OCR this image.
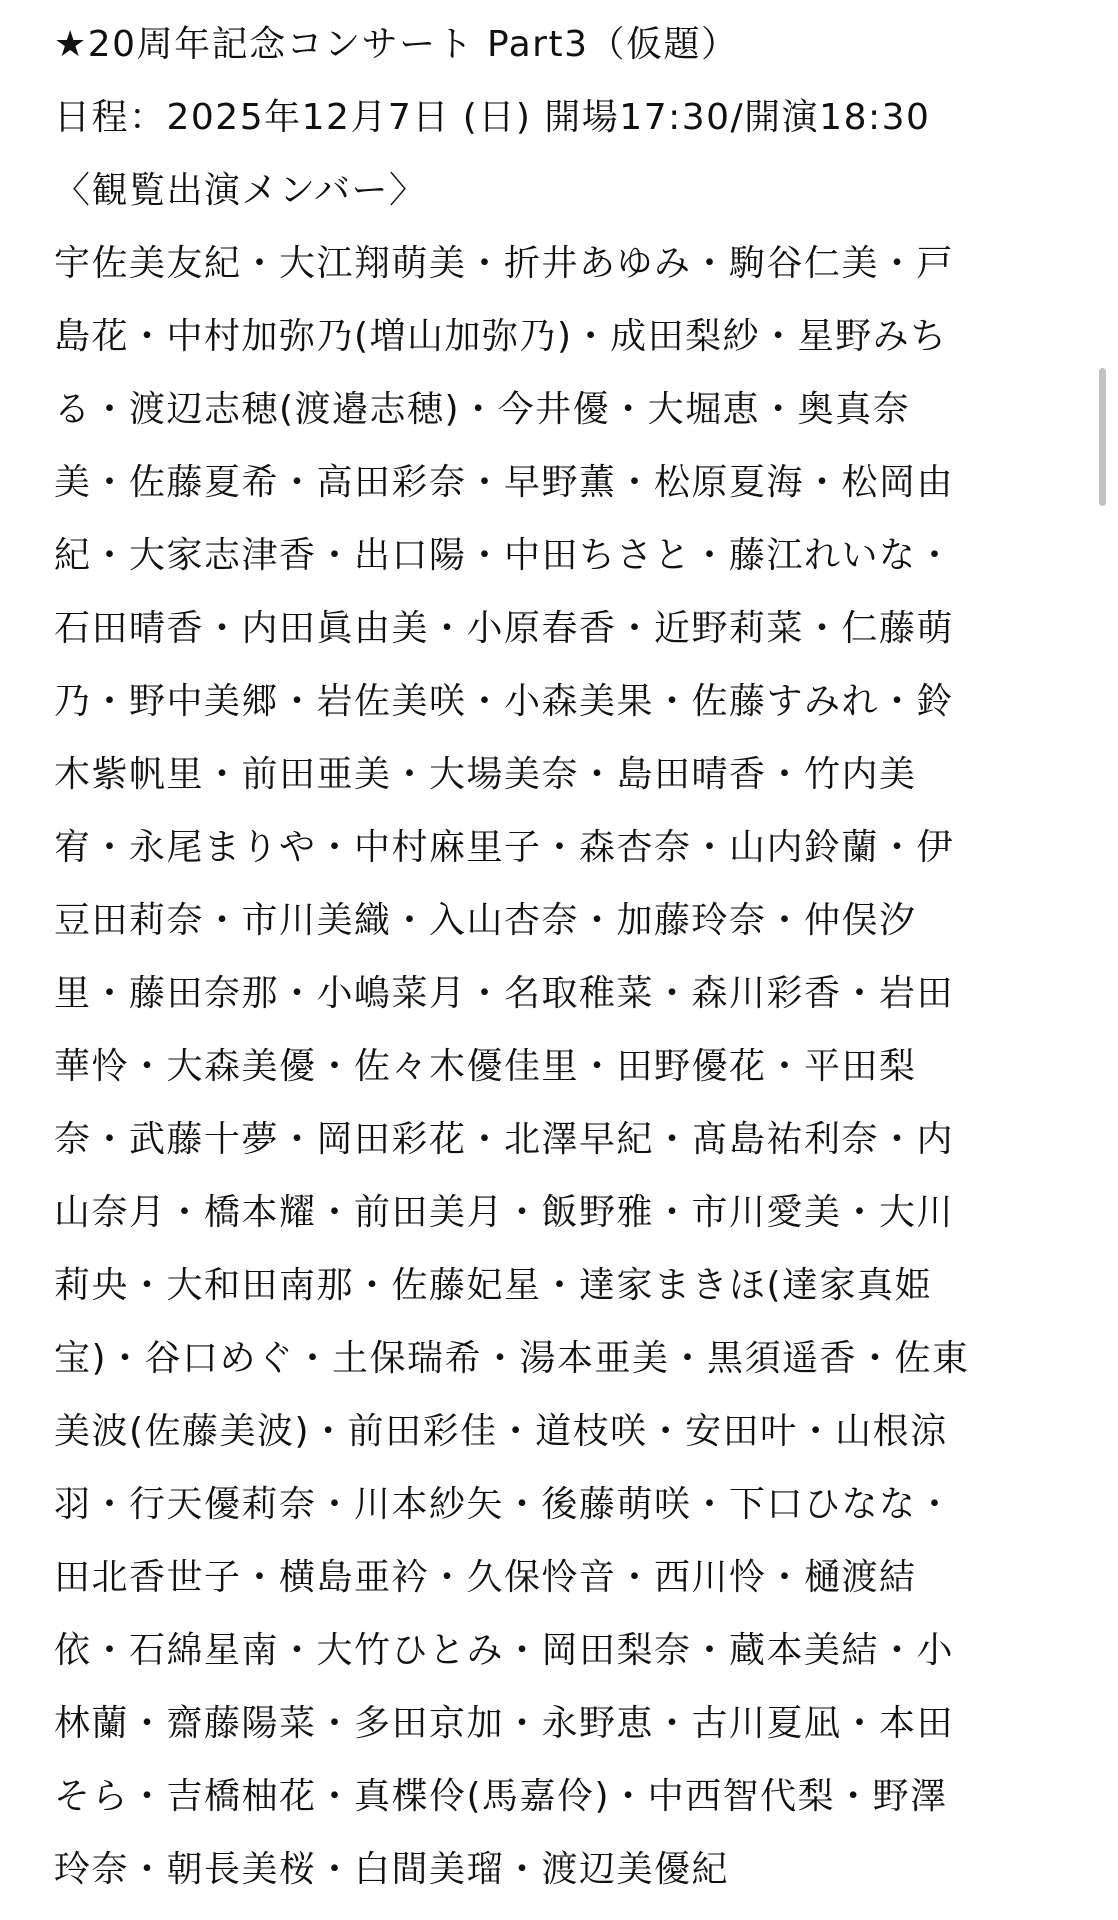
★20周年記念コンサート Part3（仮題）
日程：2025年12月7日 (日) 開場17:30/開演18:30
〈観覧出演メンバー〉
宇佐美友紀・大江翔萌美・折井あゆみ・駒谷仁美・戸
島花・中村加弥乃(増山加弥乃)・成田梨紗・星野みち
る・渡辺志穂(渡邉志穂)・今井優・大堀恵・奥真奈
美・佐藤夏希・高田彩奈・早野薫・松原夏海・松岡由
紀・大家志津香・出口陽・中田ちさと・藤江れいな・
石田晴香・内田眞由美・小原春香・近野莉菜・仁藤萌
乃・野中美郷・岩佐美咲・小森美果・佐藤すみれ・鈴
木紫帆里・前田亜美・大場美奈・島田晴香・竹内美
宥・永尾まりや・中村麻里子・森杏奈・山内鈴蘭・伊
豆田莉奈・市川美織・入山杏奈・加藤玲奈・仲俣汐
里・藤田奈那・小嶋菜月・名取稚菜・森川彩香・岩田
華怜・大森美優・佐々木優佳里・田野優花・平田梨
奈・武藤十夢・岡田彩花・北澤早紀・髙島祐利奈・内
山奈月・橋本耀・前田美月・飯野雅・市川愛美・大川
莉央・大和田南那・佐藤妃星・達家まきほ(達家真姫
宝)・谷口めぐ・土保瑞希・湯本亜美・黒須遥香・佐東
美波(佐藤美波)・前田彩佳・道枝咲・安田叶・山根涼
羽・行天優莉奈・川本紗矢・後藤萌咲・下口ひなな・
田北香世子・横島亜衿・久保怜音・西川怜・樋渡結
依・石綿星南・大竹ひとみ・岡田梨奈・蔵本美結・小
林蘭・齋藤陽菜・多田京加・永野恵・古川夏凪・本田
そら・吉橋柚花・真楪伶(馬嘉伶)・中西智代梨・野澤
玲奈・朝長美桜・白間美瑠・渡辺美優紀
